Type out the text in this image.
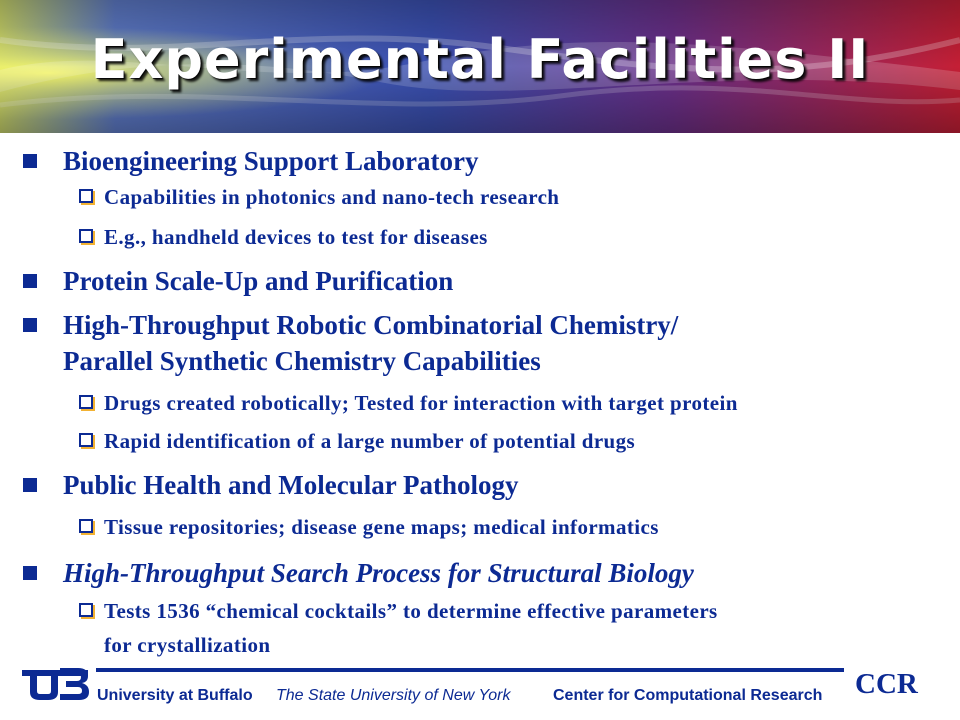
Experimental Facilities II
Bioengineering Support Laboratory
Capabilities in photonics and nano-tech research
E.g., handheld devices to test for diseases
Protein Scale-Up and Purification
High-Throughput Robotic Combinatorial Chemistry/
Parallel Synthetic Chemistry Capabilities
Drugs created robotically; Tested for interaction with target protein
Rapid identification of a large number of potential drugs
Public Health and Molecular Pathology
Tissue repositories; disease gene maps; medical informatics
High-Throughput Search Process for Structural Biology
Tests 1536 “chemical cocktails” to determine effective parameters
for crystallization
CCR
University at Buffalo The State University of New York	Center for Computational Research
